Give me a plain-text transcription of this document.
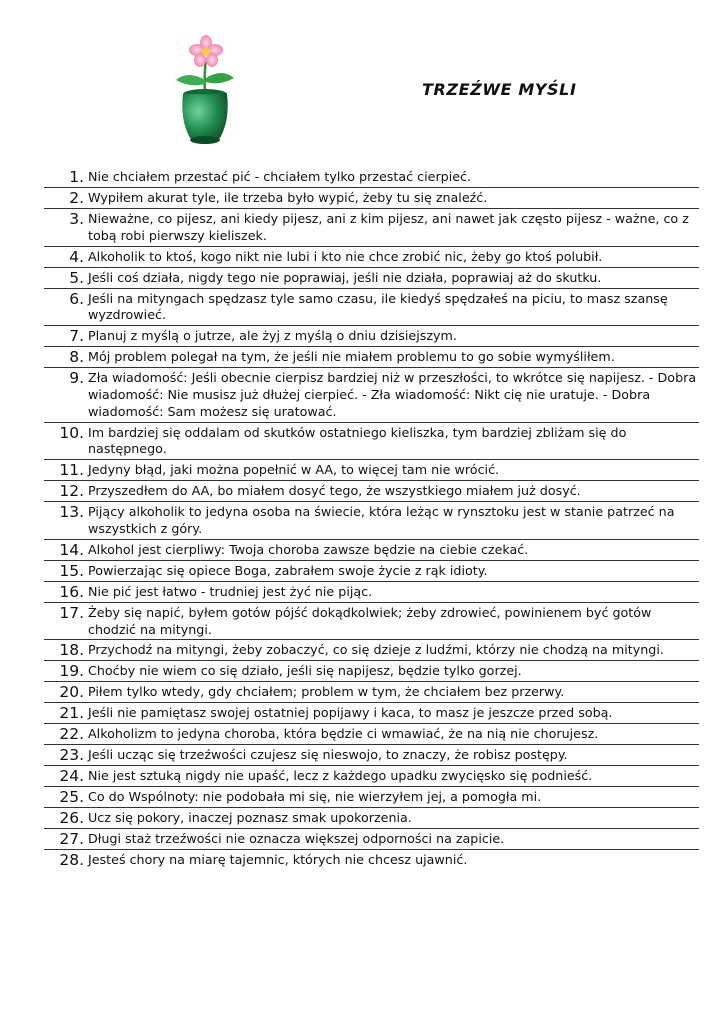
TRZEŹWE MYŚLI
1. Nie chciałem przestać pić - chciałem tylko przestać cierpieć.
2. Wypiłem akurat tyle, ile trzeba było wypić, żeby tu się znaleźć.
3. Nieważne, co pijesz, ani kiedy pijesz, ani z kim pijesz, ani nawet jak często pijesz - ważne, co z tobą robi pierwszy kieliszek.
4. Alkoholik to ktoś, kogo nikt nie lubi i kto nie chce zrobić nic, żeby go ktoś polubił.
5. Jeśli coś działa, nigdy tego nie poprawiaj, jeśli nie działa, poprawiaj aż do skutku.
6. Jeśli na mityngach spędzasz tyle samo czasu, ile kiedyś spędzałeś na piciu, to masz szansę wyzdrowieć.
7. Planuj z myślą o jutrze, ale żyj z myślą o dniu dzisiejszym.
8. Mój problem polegał na tym, że jeśli nie miałem problemu to go sobie wymyśliłem.
9. Zła wiadomość: Jeśli obecnie cierpisz bardziej niż w przeszłości, to wkrótce się napijesz. - Dobra wiadomość: Nie musisz już dłużej cierpieć. - Zła wiadomość: Nikt cię nie uratuje. - Dobra wiadomość: Sam możesz się uratować.
10. Im bardziej się oddalam od skutków ostatniego kieliszka, tym bardziej zbliżam się do następnego.
11. Jedyny błąd, jaki można popełnić w AA, to więcej tam nie wrócić.
12. Przyszedłem do AA, bo miałem dosyć tego, że wszystkiego miałem już dosyć.
13. Pijący alkoholik to jedyna osoba na świecie, która leżąc w rynsztoku jest w stanie patrzeć na wszystkich z góry.
14. Alkohol jest cierpliwy: Twoja choroba zawsze będzie na ciebie czekać.
15. Powierzając się opiece Boga, zabrałem swoje życie z rąk idioty.
16. Nie pić jest łatwo - trudniej jest żyć nie pijąc.
17. Żeby się napić, byłem gotów pójść dokądkolwiek; żeby zdrowieć, powinienem być gotów chodzić na mityngi.
18. Przychodź na mityngi, żeby zobaczyć, co się dzieje z ludźmi, którzy nie chodzą na mityngi.
19. Choćby nie wiem co się działo, jeśli się napijesz, będzie tylko gorzej.
20. Piłem tylko wtedy, gdy chciałem; problem w tym, że chciałem bez przerwy.
21. Jeśli nie pamiętasz swojej ostatniej popijawy i kaca, to masz je jeszcze przed sobą.
22. Alkoholizm to jedyna choroba, która będzie ci wmawiać, że na nią nie chorujesz.
23. Jeśli ucząc się trzeźwości czujesz się nieswojo, to znaczy, że robisz postępy.
24. Nie jest sztuką nigdy nie upaść, lecz z każdego upadku zwycięsko się podnieść.
25. Co do Wspólnoty: nie podobała mi się, nie wierzyłem jej, a pomogła mi.
26. Ucz się pokory, inaczej poznasz smak upokorzenia.
27. Długi staż trzeźwości nie oznacza większej odporności na zapicie.
28. Jesteś chory na miarę tajemnic, których nie chcesz ujawnić.
